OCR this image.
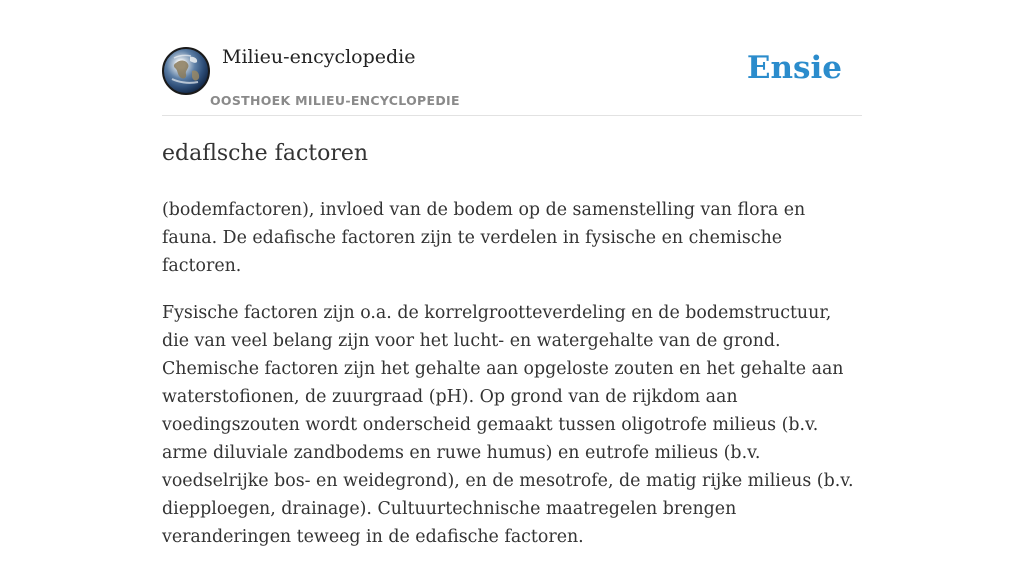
Milieu-encyclopedie
OOSTHOEK MILIEU-ENCYCLOPEDIE
Ensie
edaflsche factoren

(bodemfactoren), invloed van de bodem op de samenstelling van flora en fauna. De edafische factoren zijn te verdelen in fysische en chemische factoren.

Fysische factoren zijn o.a. de korrelgrootteverdeling en de bodemstructuur, die van veel belang zijn voor het lucht- en watergehalte van de grond. Chemische factoren zijn het gehalte aan opgeloste zouten en het gehalte aan waterstofionen, de zuurgraad (pH). Op grond van de rijkdom aan voedingszouten wordt onderscheid gemaakt tussen oligotrofe milieus (b.v. arme diluviale zandbodems en ruwe humus) en eutrofe milieus (b.v. voedselrijke bos- en weidegrond), en de mesotrofe, de matig rijke milieus (b.v. diepploegen, drainage). Cultuurtechnische maatregelen brengen veranderingen teweeg in de edafische factoren.
